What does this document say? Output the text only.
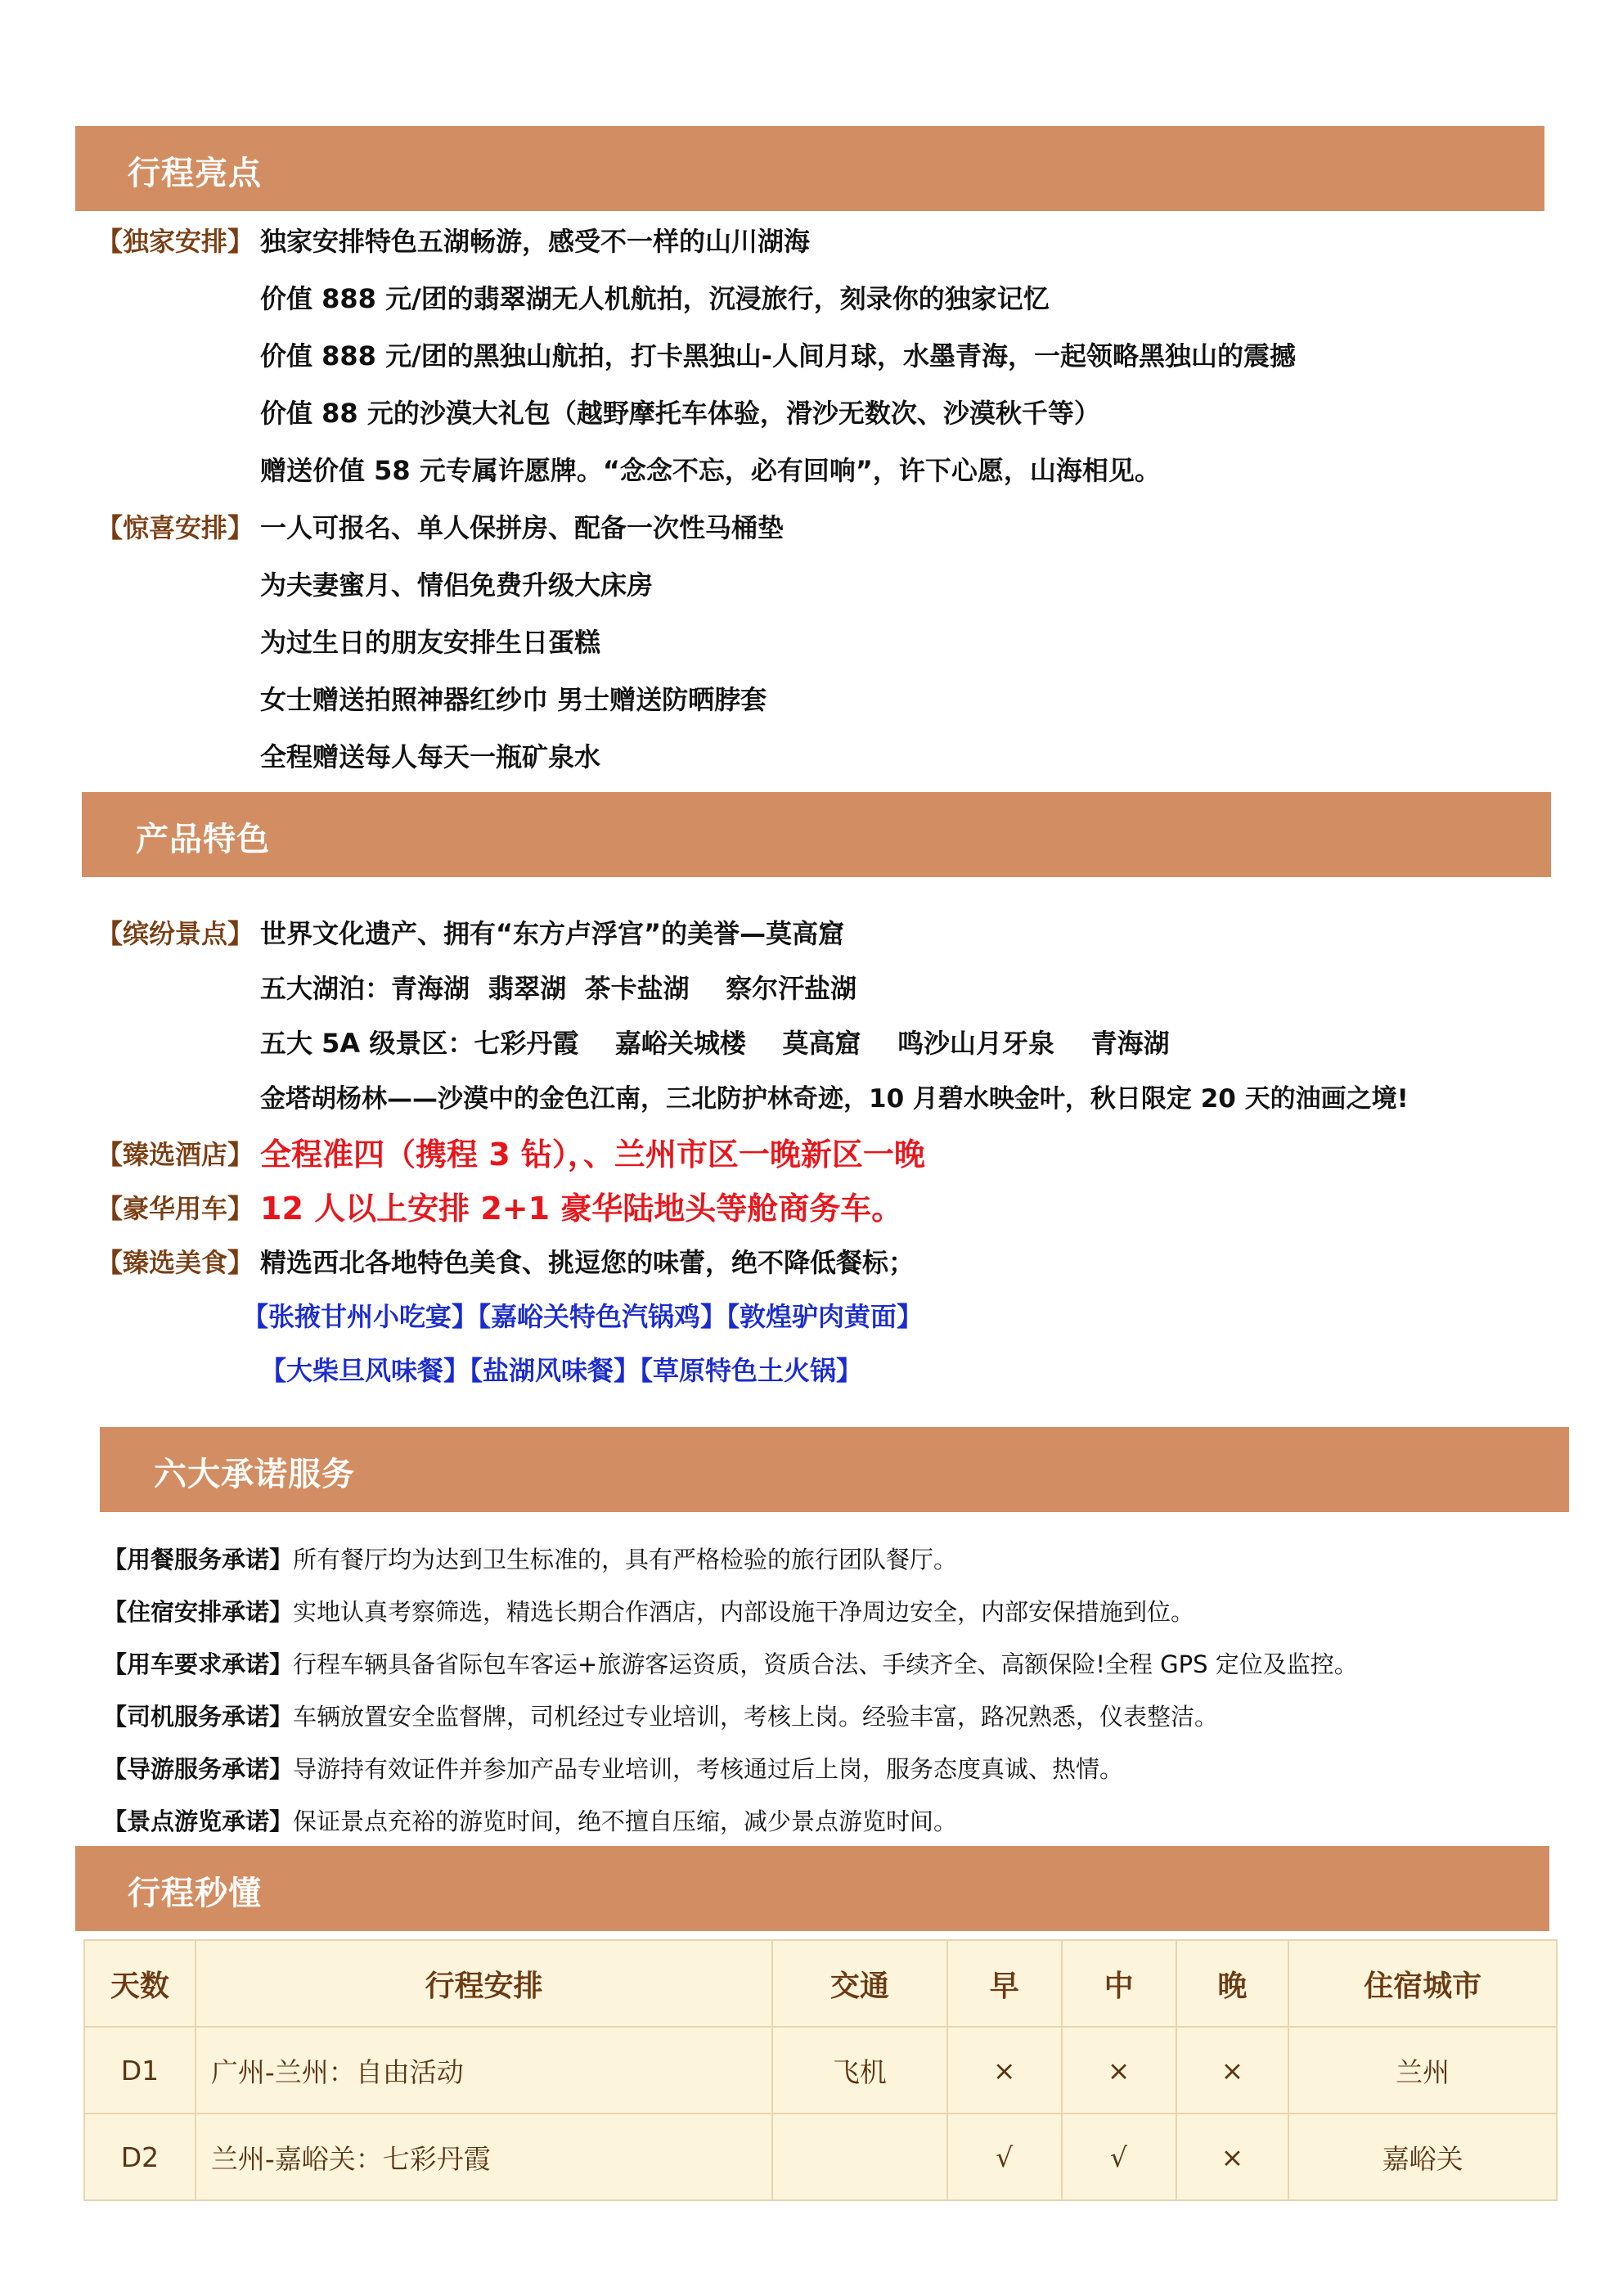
行程亮点
【独家安排】 独家安排特色五湖畅游，感受不一样的山川湖海
价值 888 元/团的翡翠湖无人机航拍，沉浸旅行，刻录你的独家记忆
价值 888 元/团的黑独山航拍，打卡黑独山-人间月球，水墨青海，一起领略黑独山的震撼
价值 88 元的沙漠大礼包（越野摩托车体验，滑沙无数次、沙漠秋千等）
赠送价值 58 元专属许愿牌。“念念不忘，必有回响”，许下心愿，山海相见。
【惊喜安排】 一人可报名、单人保拼房、配备一次性马桶垫
为夫妻蜜月、情侣免费升级大床房
为过生日的朋友安排生日蛋糕
女士赠送拍照神器红纱巾 男士赠送防晒脖套
全程赠送每人每天一瓶矿泉水
产品特色
【缤纷景点】 世界文化遗产、拥有“东方卢浮宫”的美誉—莫高窟
五大湖泊：青海湖  翡翠湖  茶卡盐湖    察尔汗盐湖
五大 5A 级景区：七彩丹霞    嘉峪关城楼    莫高窟    鸣沙山月牙泉    青海湖
金塔胡杨林——沙漠中的金色江南，三北防护林奇迹，10 月碧水映金叶，秋日限定 20 天的油画之境!
【臻选酒店】 全程准四（携程 3 钻），、兰州市区一晚新区一晚
【豪华用车】 12 人以上安排 2+1 豪华陆地头等舱商务车。
【臻选美食】 精选西北各地特色美食、挑逗您的味蕾，绝不降低餐标；
【张掖甘州小吃宴】【嘉峪关特色汽锅鸡】【敦煌驴肉黄面】
【大柴旦风味餐】【盐湖风味餐】【草原特色土火锅】
六大承诺服务
【用餐服务承诺】所有餐厅均为达到卫生标准的，具有严格检验的旅行团队餐厅。
【住宿安排承诺】实地认真考察筛选，精选长期合作酒店，内部设施干净周边安全，内部安保措施到位。
【用车要求承诺】行程车辆具备省际包车客运+旅游客运资质，资质合法、手续齐全、高额保险!全程 GPS 定位及监控。
【司机服务承诺】车辆放置安全监督牌，司机经过专业培训，考核上岗。经验丰富，路况熟悉，仪表整洁。
【导游服务承诺】导游持有效证件并参加产品专业培训，考核通过后上岗，服务态度真诚、热情。
【景点游览承诺】保证景点充裕的游览时间，绝不擅自压缩，减少景点游览时间。
行程秒懂
天数	行程安排	交通	早	中	晚	住宿城市
D1	广州-兰州：自由活动	飞机	×	×	×	兰州
D2	兰州-嘉峪关：七彩丹霞		√	√	×	嘉峪关
